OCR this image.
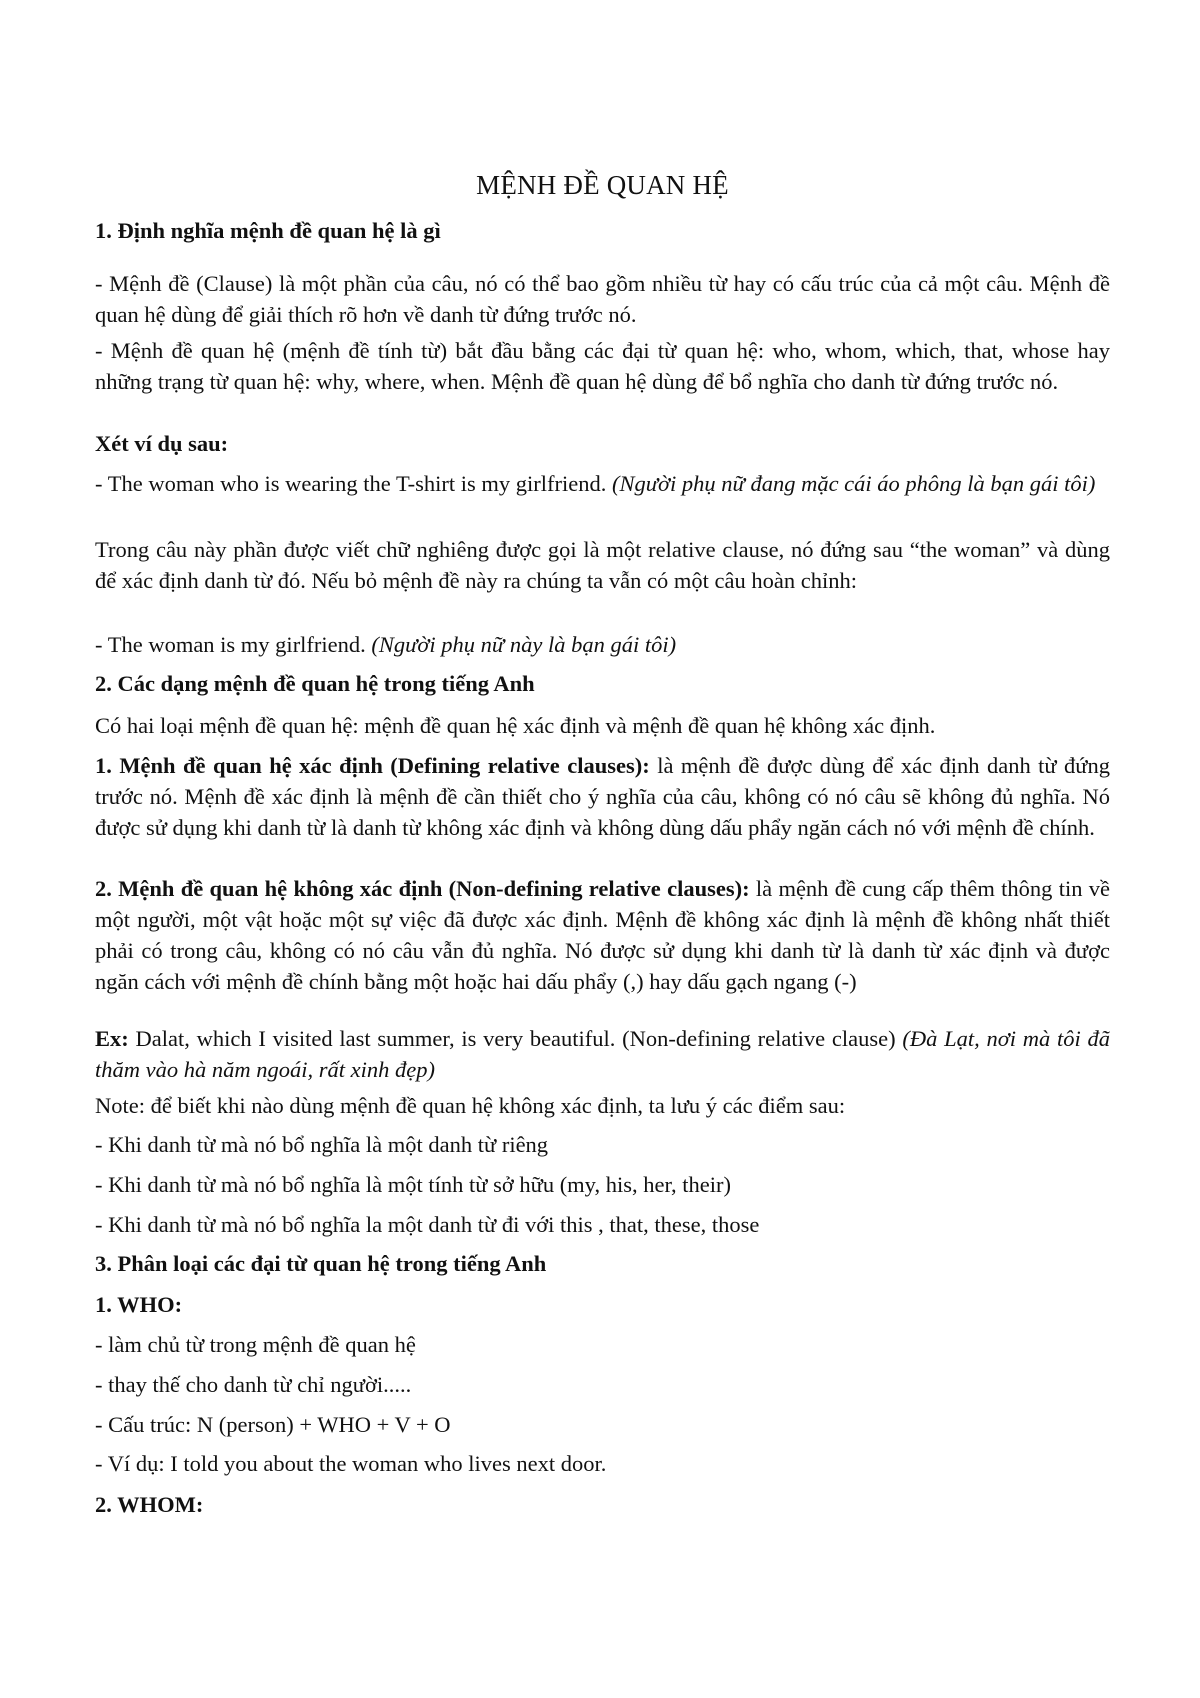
MỆNH ĐỀ QUAN HỆ

1. Định nghĩa mệnh đề quan hệ là gì

- Mệnh đề (Clause) là một phần của câu, nó có thể bao gồm nhiều từ hay có cấu trúc của cả một câu. Mệnh đề quan hệ dùng để giải thích rõ hơn về danh từ đứng trước nó.

- Mệnh đề quan hệ (mệnh đề tính từ) bắt đầu bằng các đại từ quan hệ: who, whom, which, that, whose hay những trạng từ quan hệ: why, where, when. Mệnh đề quan hệ dùng để bổ nghĩa cho danh từ đứng trước nó.

Xét ví dụ sau:

- The woman who is wearing the T-shirt is my girlfriend. (Người phụ nữ đang mặc cái áo phông là bạn gái tôi)

Trong câu này phần được viết chữ nghiêng được gọi là một relative clause, nó đứng sau “the woman” và dùng để xác định danh từ đó. Nếu bỏ mệnh đề này ra chúng ta vẫn có một câu hoàn chỉnh:

- The woman is my girlfriend. (Người phụ nữ này là bạn gái tôi)

2. Các dạng mệnh đề quan hệ trong tiếng Anh

Có hai loại mệnh đề quan hệ: mệnh đề quan hệ xác định và mệnh đề quan hệ không xác định.

1. Mệnh đề quan hệ xác định (Defining relative clauses): là mệnh đề được dùng để xác định danh từ đứng trước nó. Mệnh đề xác định là mệnh đề cần thiết cho ý nghĩa của câu, không có nó câu sẽ không đủ nghĩa. Nó được sử dụng khi danh từ là danh từ không xác định và không dùng dấu phẩy ngăn cách nó với mệnh đề chính.

2. Mệnh đề quan hệ không xác định (Non-defining relative clauses): là mệnh đề cung cấp thêm thông tin về một người, một vật hoặc một sự việc đã được xác định. Mệnh đề không xác định là mệnh đề không nhất thiết phải có trong câu, không có nó câu vẫn đủ nghĩa. Nó được sử dụng khi danh từ là danh từ xác định và được ngăn cách với mệnh đề chính bằng một hoặc hai dấu phẩy (,) hay dấu gạch ngang (-)

Ex: Dalat, which I visited last summer, is very beautiful. (Non-defining relative clause) (Đà Lạt, nơi mà tôi đã thăm vào hà năm ngoái, rất xinh đẹp)

Note: để biết khi nào dùng mệnh đề quan hệ không xác định, ta lưu ý các điểm sau:

- Khi danh từ mà nó bổ nghĩa là một danh từ riêng

- Khi danh từ mà nó bổ nghĩa là một tính từ sở hữu (my, his, her, their)

- Khi danh từ mà nó bổ nghĩa la một danh từ đi với this , that, these, those

3. Phân loại các đại từ quan hệ trong tiếng Anh

1. WHO:

- làm chủ từ trong mệnh đề quan hệ

- thay thế cho danh từ chỉ người.....

- Cấu trúc: N (person) + WHO + V + O

- Ví dụ: I told you about the woman who lives next door.

2. WHOM:
